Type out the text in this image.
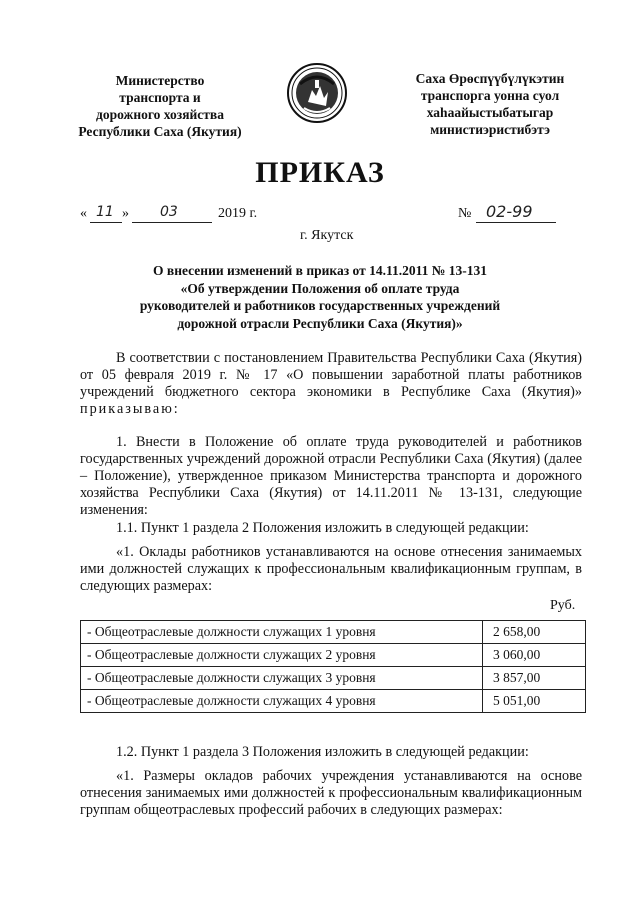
Министерство
транспорта и
дорожного хозяйства
Республики Саха (Якутия)
Саха Өрөспүүбүлүкэтин
транспорга уонна суол
хаһаайыстыбатыгар
министиэристибэтэ
ПРИКАЗ
« 11 » 03	2019 г.	№ 02-99
г. Якутск
О внесении изменений в приказ от 14.11.2011 № 13-131
«Об утверждении Положения об оплате труда
руководителей и работников государственных учреждений
дорожной отрасли Республики Саха (Якутия)»

В соответствии с постановлением Правительства Республики Саха (Якутия) от 05 февраля 2019 г. № 17 «О повышении заработной платы работников учреждений бюджетного сектора экономики в Республике Саха (Якутия)» приказываю:

1. Внести в Положение об оплате труда руководителей и работников государственных учреждений дорожной отрасли Республики Саха (Якутия) (далее – Положение), утвержденное приказом Министерства транспорта и дорожного хозяйства Республики Саха (Якутия) от 14.11.2011 № 13-131, следующие изменения:

1.1. Пункт 1 раздела 2 Положения изложить в следующей редакции:

«1. Оклады работников устанавливаются на основе отнесения занимаемых ими должностей служащих к профессиональным квалификационным группам, в следующих размерах:

Руб.
- Общеотраслевые должности служащих 1 уровня	2 658,00
- Общеотраслевые должности служащих 2 уровня	3 060,00
- Общеотраслевые должности служащих 3 уровня	3 857,00
- Общеотраслевые должности служащих 4 уровня	5 051,00
1.2. Пункт 1 раздела 3 Положения изложить в следующей редакции:

«1. Размеры окладов рабочих учреждения устанавливаются на основе отнесения занимаемых ими должностей к профессиональным квалификационным группам общеотраслевых профессий рабочих в следующих размерах:
